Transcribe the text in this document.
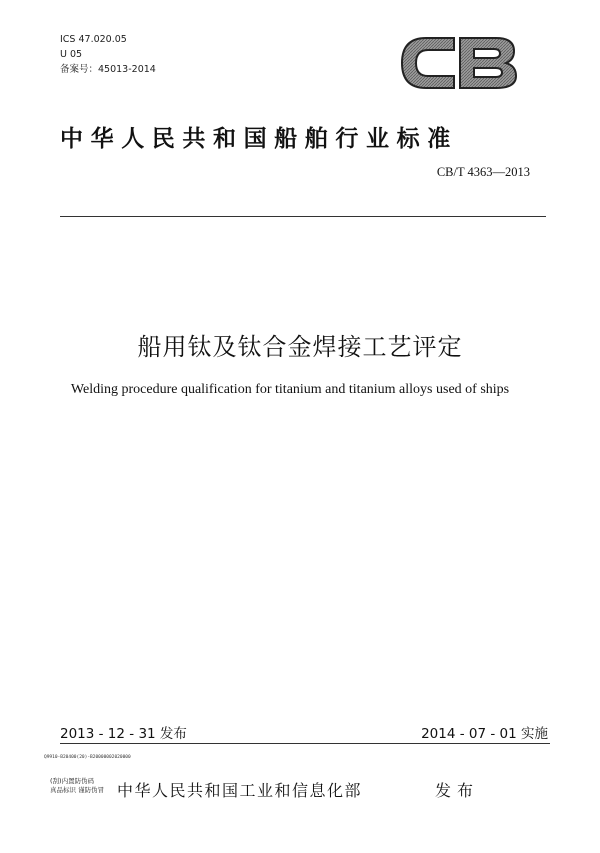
ICS 47.020.05
U 05
备案号：45013-2014
中华人民共和国船舶行业标准
CB/T 4363—2013
船用钛及钛合金焊接工艺评定
Welding procedure qualification for titanium and titanium alloys used of ships
2013 - 12 - 31 发布	2014 - 07 - 01 实施
Q9910-B20400(20)-B20000002020000
(刮)内置防伪码
真品标识 谨防伪冒 中华人民共和国工业和信息化部	发布
